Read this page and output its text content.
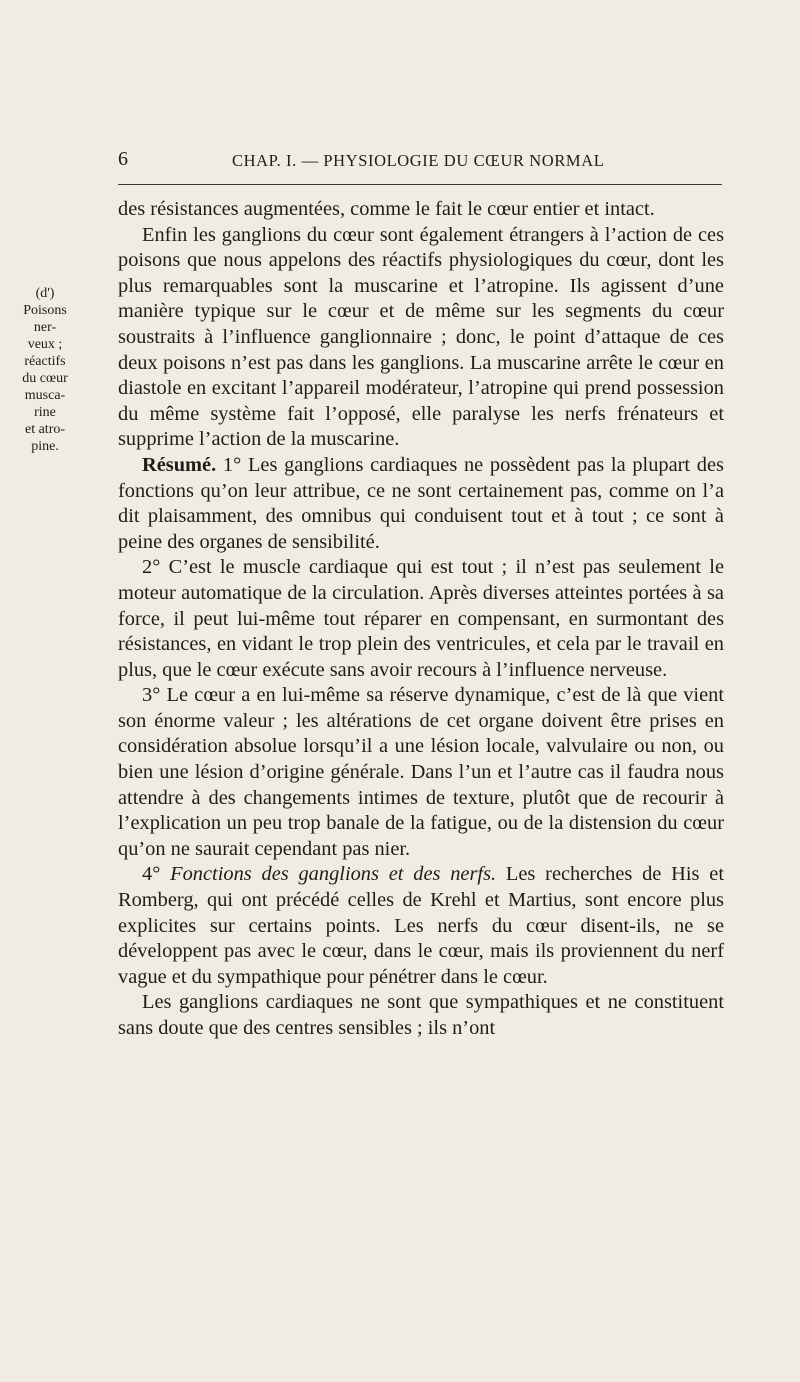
6	CHAP. I. — PHYSIOLOGIE DU CŒUR NORMAL
(d')
Poisons
ner-
veux ;
réactifs
du cœur
musca-
rine
et atro-
pine.

des résistances augmentées, comme le fait le cœur entier et intact.

Enfin les ganglions du cœur sont également étrangers à l’action de ces poisons que nous appelons des réactifs physiologiques du cœur, dont les plus remarquables sont la muscarine et l’atropine. Ils agissent d’une manière typique sur le cœur et de même sur les segments du cœur soustraits à l’influence ganglionnaire ; donc, le point d’attaque de ces deux poisons n’est pas dans les ganglions. La muscarine arrête le cœur en diastole en excitant l’appareil modérateur, l’atropine qui prend possession du même système fait l’opposé, elle paralyse les nerfs frénateurs et supprime l’action de la muscarine.

Résumé. 1° Les ganglions cardiaques ne possèdent pas la plupart des fonctions qu’on leur attribue, ce ne sont certainement pas, comme on l’a dit plaisamment, des omnibus qui conduisent tout et à tout ; ce sont à peine des organes de sensibilité.

2° C’est le muscle cardiaque qui est tout ; il n’est pas seulement le moteur automatique de la circulation. Après diverses atteintes portées à sa force, il peut lui-même tout réparer en compensant, en surmontant des résistances, en vidant le trop plein des ventricules, et cela par le travail en plus, que le cœur exécute sans avoir recours à l’influence nerveuse.

3° Le cœur a en lui-même sa réserve dynamique, c’est de là que vient son énorme valeur ; les altérations de cet organe doivent être prises en considération absolue lorsqu’il a une lésion locale, valvulaire ou non, ou bien une lésion d’origine générale. Dans l’un et l’autre cas il faudra nous attendre à des changements intimes de texture, plutôt que de recourir à l’explication un peu trop banale de la fatigue, ou de la distension du cœur qu’on ne saurait cependant pas nier.

4° Fonctions des ganglions et des nerfs. Les recherches de His et Romberg, qui ont précédé celles de Krehl et Martius, sont encore plus explicites sur certains points. Les nerfs du cœur disent-ils, ne se développent pas avec le cœur, dans le cœur, mais ils proviennent du nerf vague et du sympathique pour pénétrer dans le cœur.

Les ganglions cardiaques ne sont que sympathiques et ne constituent sans doute que des centres sensibles ; ils n’ont
